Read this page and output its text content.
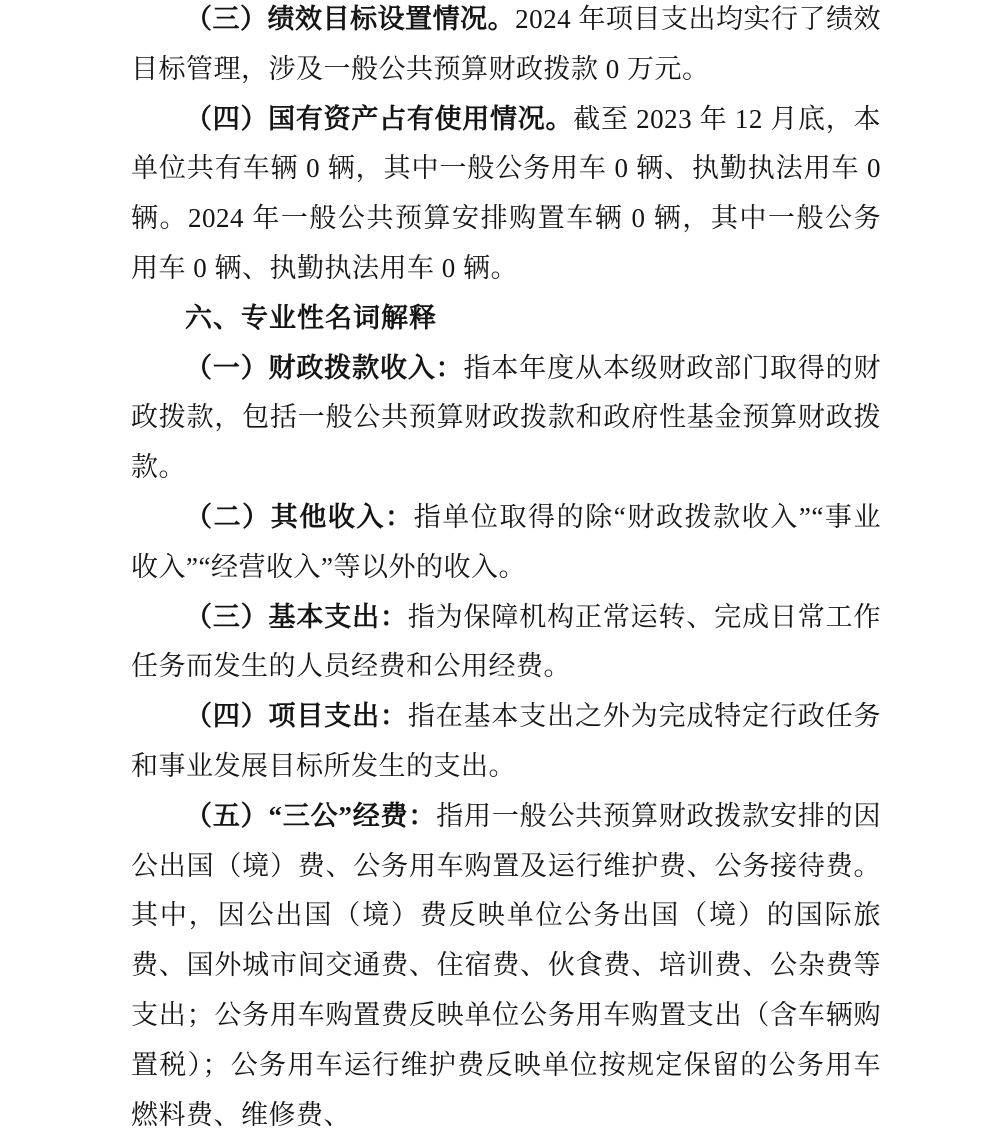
（三）绩效目标设置情况。2024 年项目支出均实行了绩效目标管理，涉及一般公共预算财政拨款 0 万元。

（四）国有资产占有使用情况。截至 2023 年 12 月底，本单位共有车辆 0 辆，其中一般公务用车 0 辆、执勤执法用车 0 辆。2024 年一般公共预算安排购置车辆 0 辆，其中一般公务用车 0 辆、执勤执法用车 0 辆。

六、专业性名词解释

（一）财政拨款收入：指本年度从本级财政部门取得的财政拨款，包括一般公共预算财政拨款和政府性基金预算财政拨款。

（二）其他收入：指单位取得的除“财政拨款收入”“事业收入”“经营收入”等以外的收入。

（三）基本支出：指为保障机构正常运转、完成日常工作任务而发生的人员经费和公用经费。

（四）项目支出：指在基本支出之外为完成特定行政任务和事业发展目标所发生的支出。

（五）“三公”经费：指用一般公共预算财政拨款安排的因公出国（境）费、公务用车购置及运行维护费、公务接待费。其中，因公出国（境）费反映单位公务出国（境）的国际旅费、国外城市间交通费、住宿费、伙食费、培训费、公杂费等支出；公务用车购置费反映单位公务用车购置支出（含车辆购置税）；公务用车运行维护费反映单位按规定保留的公务用车燃料费、维修费、
